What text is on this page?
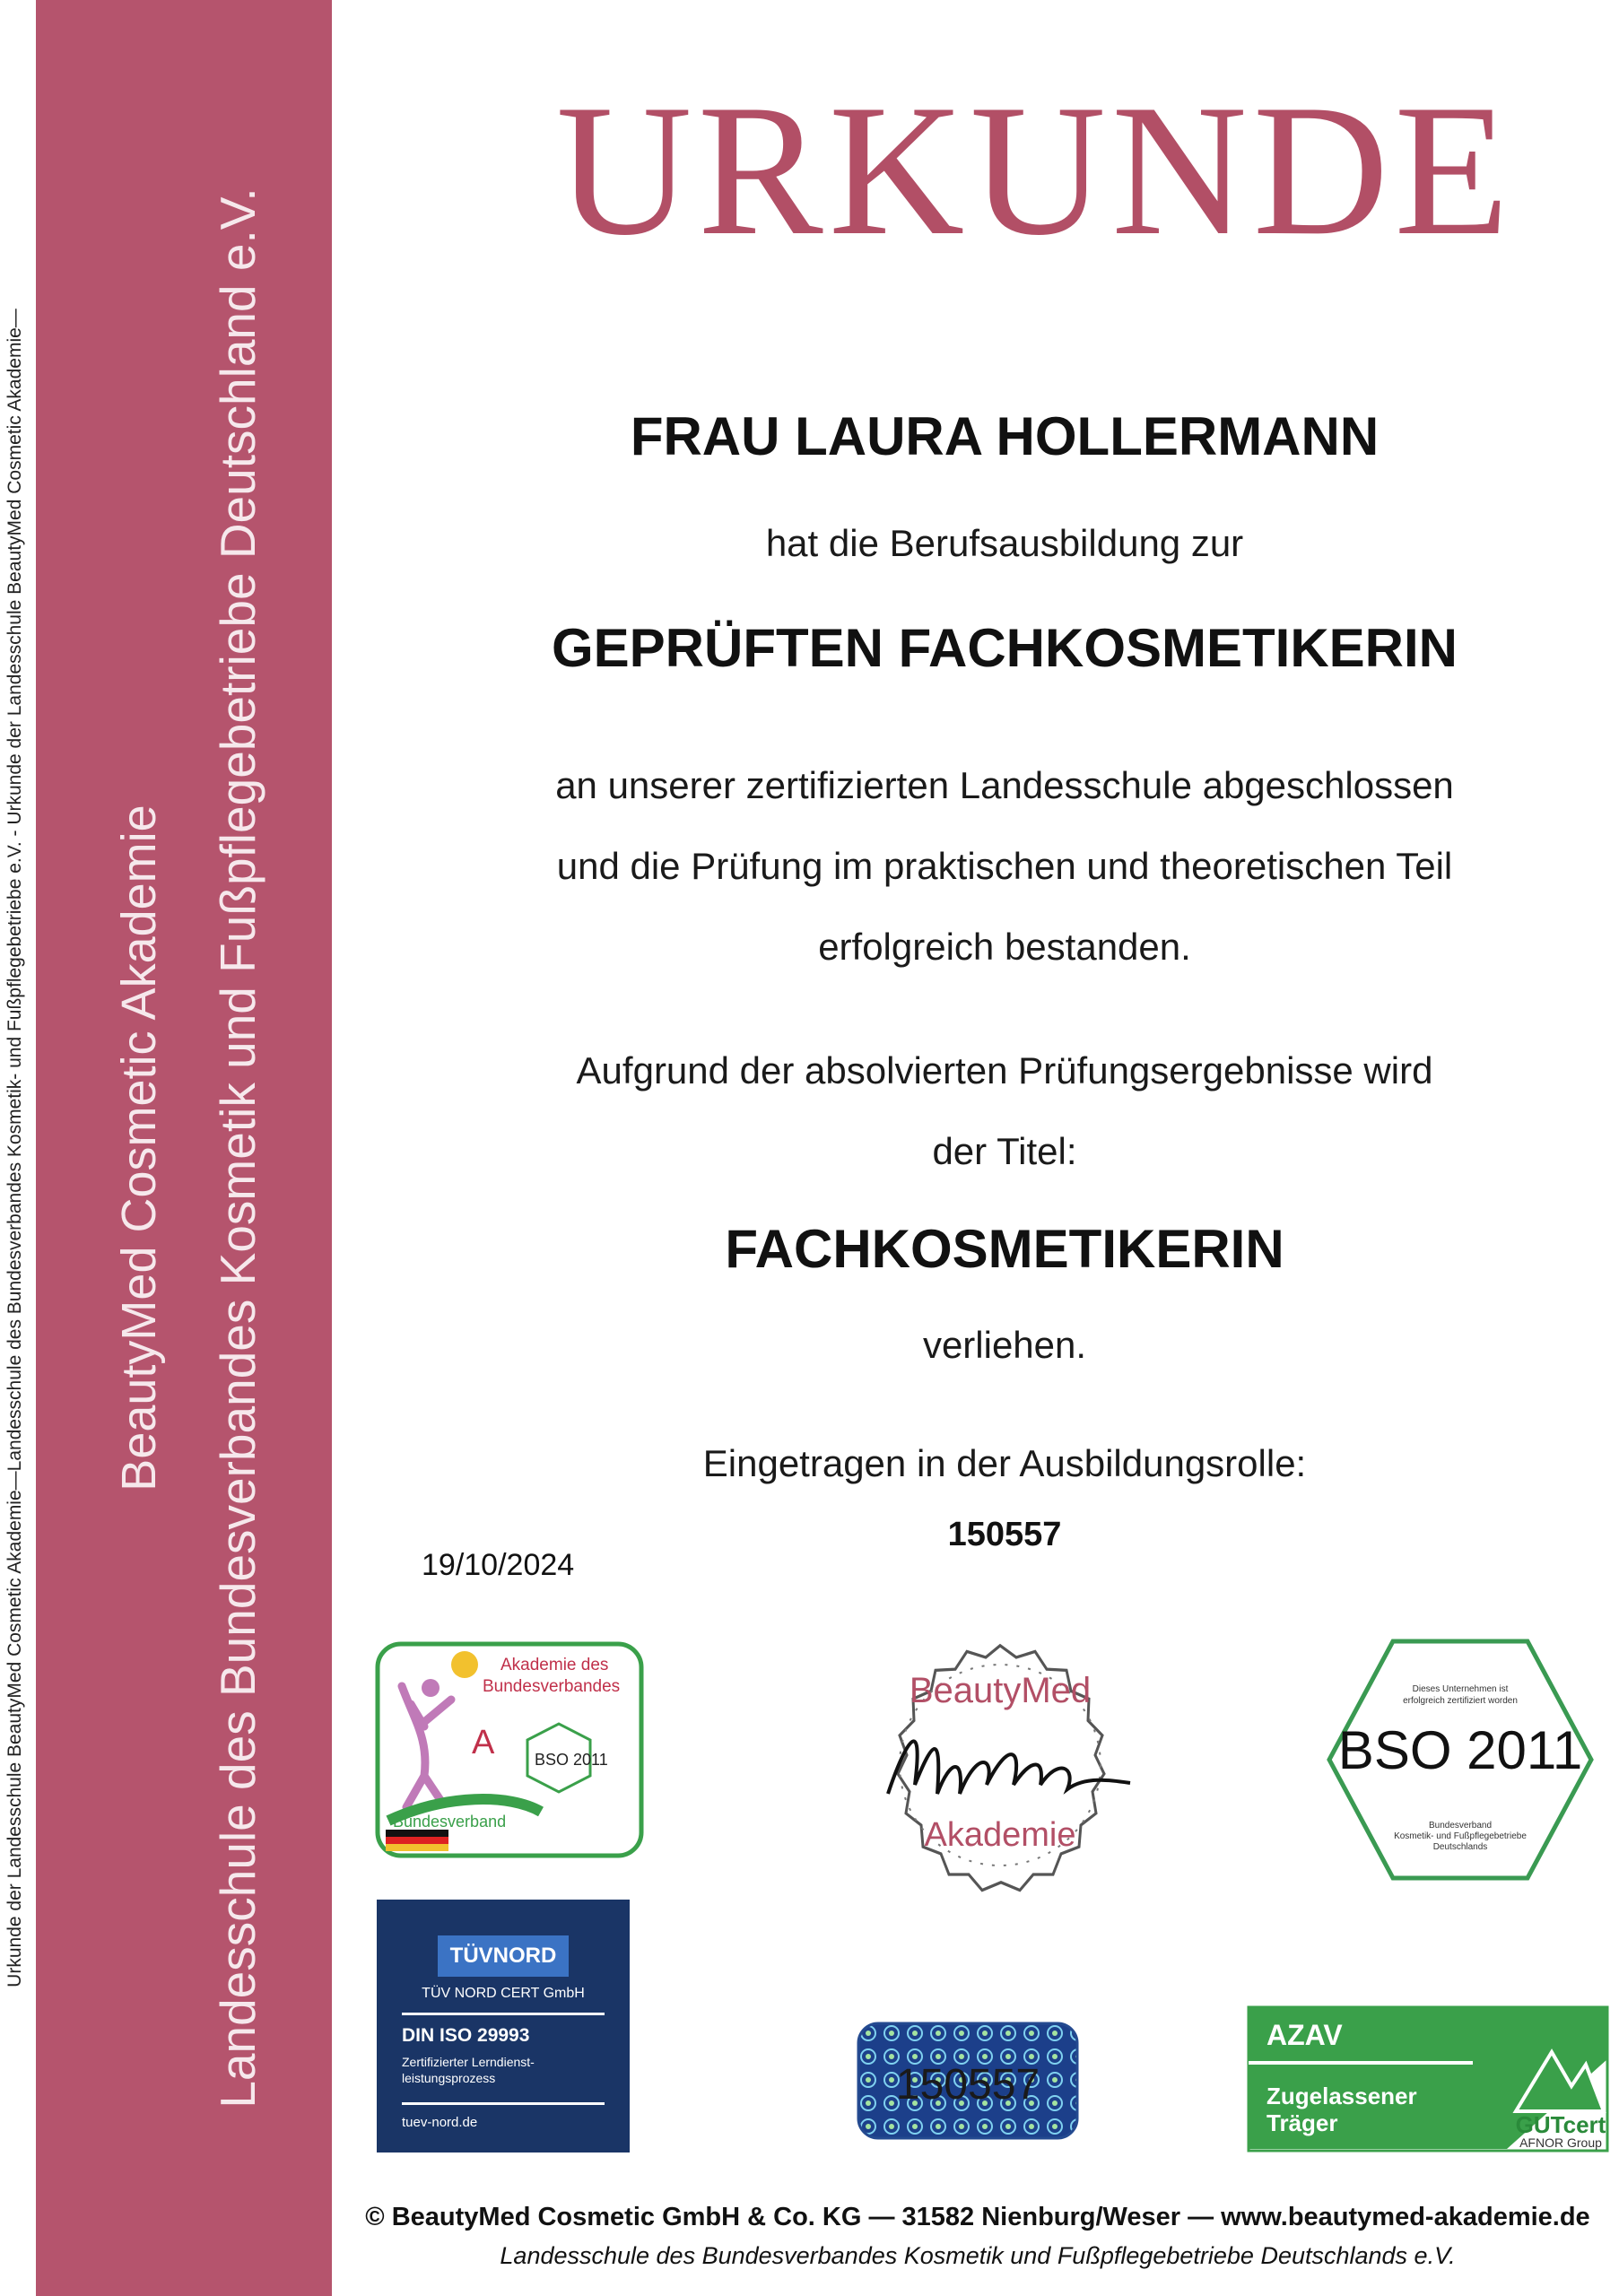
Urkunde der Landesschule BeautyMed Cosmetic Akademie—Landesschule des Bundesverbandes Kosmetik- und Fußpflegebetriebe e.V. - Urkunde der Landesschule BeautyMed Cosmetic Akademie— BeautyMed Cosmetic Akademie Landesschule des Bundesverbandes Kosmetik und Fußpflegebetriebe Deutschland e.V.
URKUNDE
FRAU LAURA HOLLERMANN
hat die Berufsausbildung zur
GEPRÜFTEN FACHKOSMETIKERIN
an unserer zertifizierten Landesschule abgeschlossen
und die Prüfung im praktischen und theoretischen Teil
erfolgreich bestanden.
Aufgrund der absolvierten Prüfungsergebnisse wird
der Titel:
FACHKOSMETIKERIN
verliehen.
Eingetragen in der Ausbildungsrolle:
150557
19/10/2024
A
Akademie des
Bundesverbandes
BSO 2011
Bundesverband
BeautyMed
Akademie
Dieses Unternehmen ist
erfolgreich zertifiziert worden
BSO 2011
Bundesverband
Kosmetik- und Fußpflegebetriebe
Deutschlands
TÜVNORD
TÜV NORD CERT GmbH
DIN ISO 29993
Zertifizierter Lerndienst-leistungsprozess
tuev-nord.de
150557
AZAV
Zugelassener
Träger	GUTcert
AFNOR Group
© BeautyMed Cosmetic GmbH & Co. KG — 31582 Nienburg/Weser — www.beautymed-akademie.de
Landesschule des Bundesverbandes Kosmetik und Fußpflegebetriebe Deutschlands e.V.
